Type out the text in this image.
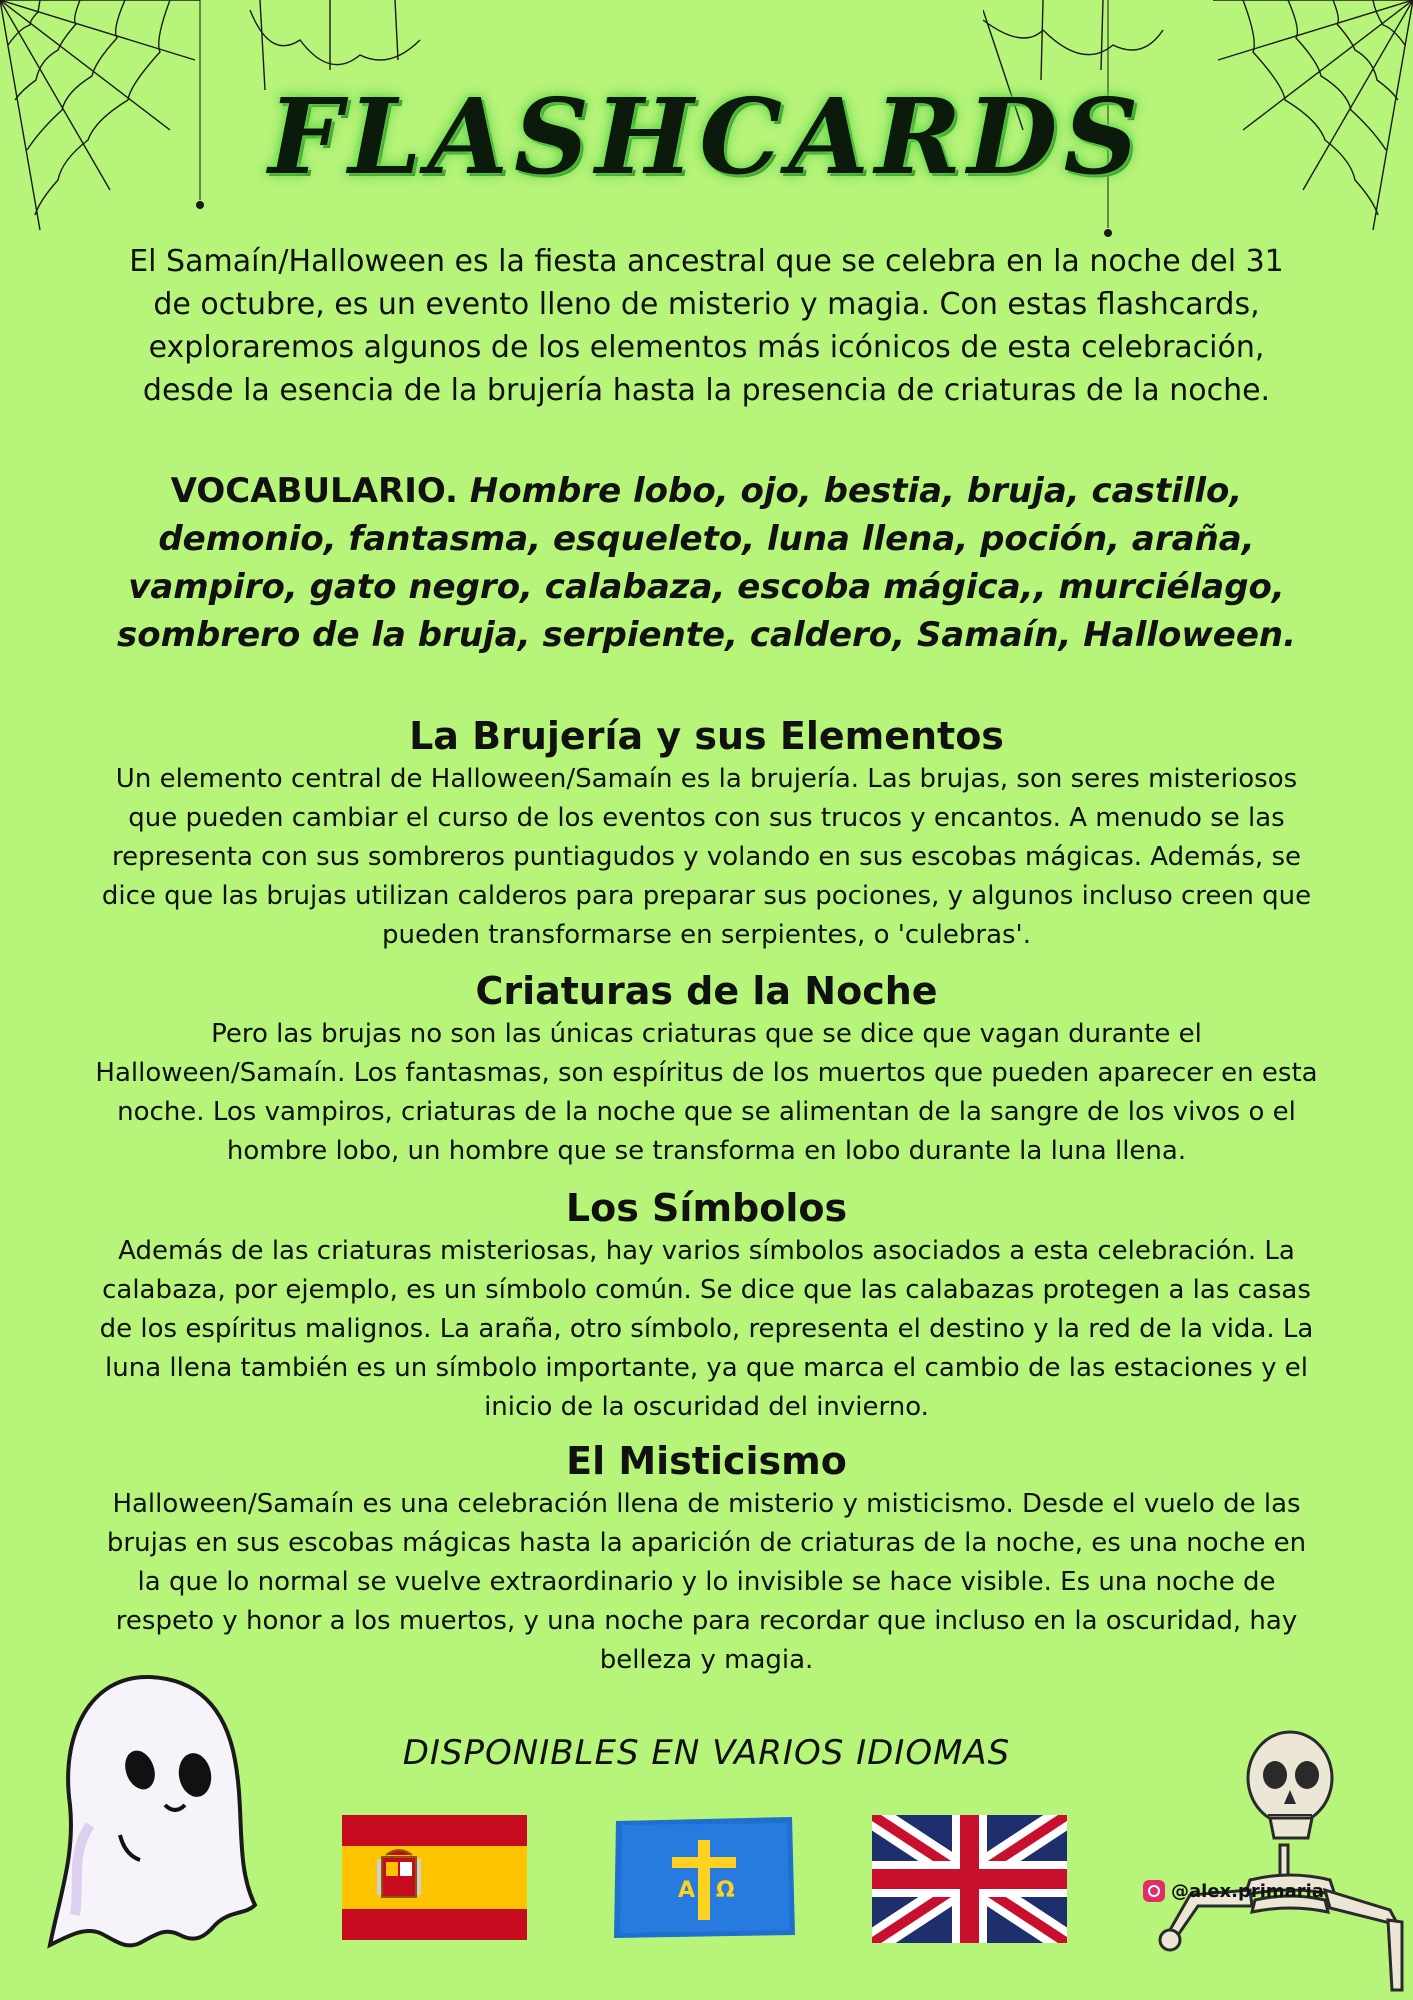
FLASHCARDS
El Samaín/Halloween es la fiesta ancestral que se celebra en la noche del 31 de octubre, es un evento lleno de misterio y magia. Con estas flashcards, exploraremos algunos de los elementos más icónicos de esta celebración, desde la esencia de la brujería hasta la presencia de criaturas de la noche.
VOCABULARIO. Hombre lobo, ojo, bestia, bruja, castillo, demonio, fantasma, esqueleto, luna llena, poción, araña, vampiro, gato negro, calabaza, escoba mágica,, murciélago, sombrero de la bruja, serpiente, caldero, Samaín, Halloween.
La Brujería y sus Elementos

Un elemento central de Halloween/Samaín es la brujería. Las brujas, son seres misteriosos que pueden cambiar el curso de los eventos con sus trucos y encantos. A menudo se las representa con sus sombreros puntiagudos y volando en sus escobas mágicas. Además, se dice que las brujas utilizan calderos para preparar sus pociones, y algunos incluso creen que pueden transformarse en serpientes, o 'culebras'.

Criaturas de la Noche

Pero las brujas no son las únicas criaturas que se dice que vagan durante el Halloween/Samaín. Los fantasmas, son espíritus de los muertos que pueden aparecer en esta noche. Los vampiros, criaturas de la noche que se alimentan de la sangre de los vivos o el hombre lobo, un hombre que se transforma en lobo durante la luna llena.

Los Símbolos

Además de las criaturas misteriosas, hay varios símbolos asociados a esta celebración. La calabaza, por ejemplo, es un símbolo común. Se dice que las calabazas protegen a las casas de los espíritus malignos. La araña, otro símbolo, representa el destino y la red de la vida. La luna llena también es un símbolo importante, ya que marca el cambio de las estaciones y el inicio de la oscuridad del invierno.

El Misticismo

Halloween/Samaín es una celebración llena de misterio y misticismo. Desde el vuelo de las brujas en sus escobas mágicas hasta la aparición de criaturas de la noche, es una noche en la que lo normal se vuelve extraordinario y lo invisible se hace visible. Es una noche de respeto y honor a los muertos, y una noche para recordar que incluso en la oscuridad, hay belleza y magia.

DISPONIBLES EN VARIOS IDIOMAS
A Ω	@alex.primaria
